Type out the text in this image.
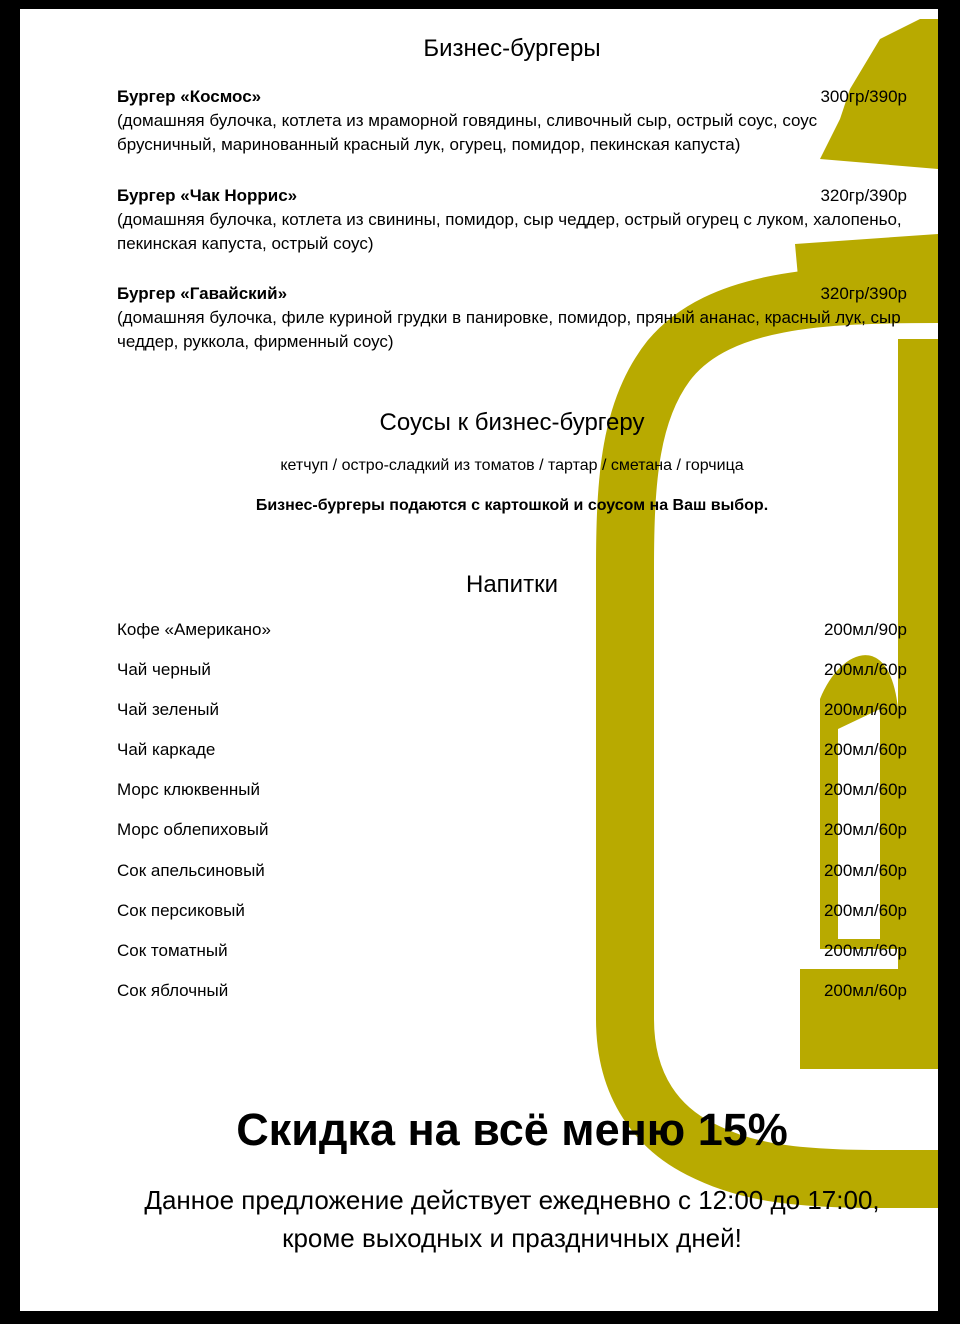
Бизнес-бургеры
Бургер «Космос»	300гр/390р

(домашняя булочка, котлета из мраморной говядины, сливочный сыр, острый соус, соус брусничный, маринованный красный лук, огурец, помидор, пекинская капуста)

Бургер «Чак Норрис»	320гр/390р

(домашняя булочка, котлета из свинины, помидор, сыр чеддер, острый огурец с луком, халопеньо, пекинская капуста, острый соус)

Бургер «Гавайский»	320гр/390р

(домашняя булочка, филе куриной грудки в панировке, помидор, пряный ананас, красный лук, сыр чеддер, руккола, фирменный соус)

Соусы к бизнес-бургеру
кетчуп / остро-сладкий из томатов / тартар / сметана / горчица
Бизнес-бургеры подаются с картошкой и соусом на Ваш выбор.
Напитки
Кофе «Американо»	200мл/90р
Чай черный	200мл/60р
Чай зеленый	200мл/60р
Чай каркаде	200мл/60р
Морс клюквенный	200мл/60р
Морс облепиховый	200мл/60р
Сок апельсиновый	200мл/60р
Сок персиковый	200мл/60р
Сок томатный	200мл/60р
Сок яблочный	200мл/60р
Скидка на всё меню 15%

Данное предложение действует ежедневно с 12:00 до 17:00, кроме выходных и праздничных дней!
